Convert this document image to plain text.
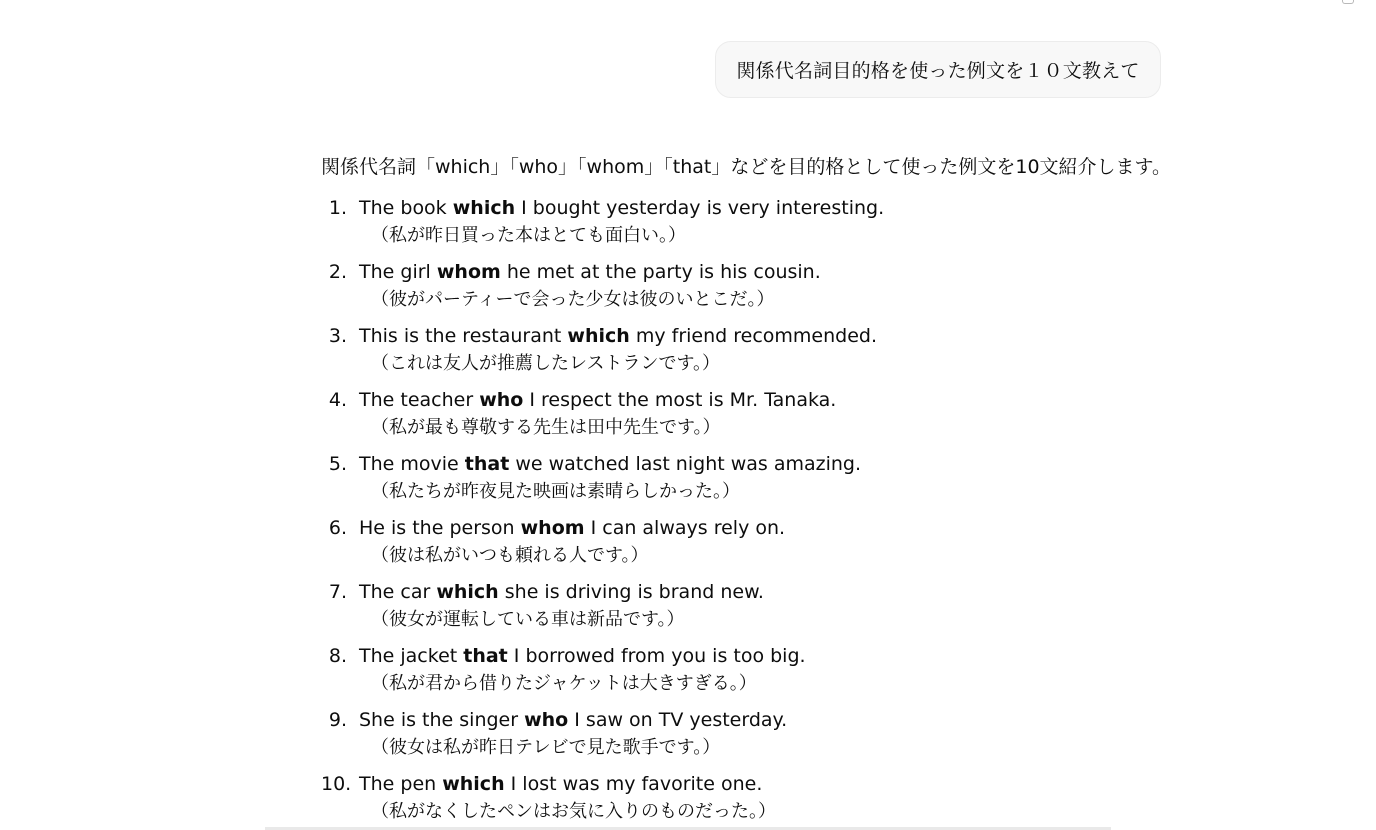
関係代名詞目的格を使った例文を１０文教えて

関係代名詞「which」「who」「whom」「that」などを目的格として使った例文を10文紹介します。

1. The book which I bought yesterday is very interesting.
（私が昨日買った本はとても面白い。）
2. The girl whom he met at the party is his cousin.
（彼がパーティーで会った少女は彼のいとこだ。）
3. This is the restaurant which my friend recommended.
（これは友人が推薦したレストランです。）
4. The teacher who I respect the most is Mr. Tanaka.
（私が最も尊敬する先生は田中先生です。）
5. The movie that we watched last night was amazing.
（私たちが昨夜見た映画は素晴らしかった。）
6. He is the person whom I can always rely on.
（彼は私がいつも頼れる人です。）
7. The car which she is driving is brand new.
（彼女が運転している車は新品です。）
8. The jacket that I borrowed from you is too big.
（私が君から借りたジャケットは大きすぎる。）
9. She is the singer who I saw on TV yesterday.
（彼女は私が昨日テレビで見た歌手です。）
10. The pen which I lost was my favorite one.
（私がなくしたペンはお気に入りのものだった。）
